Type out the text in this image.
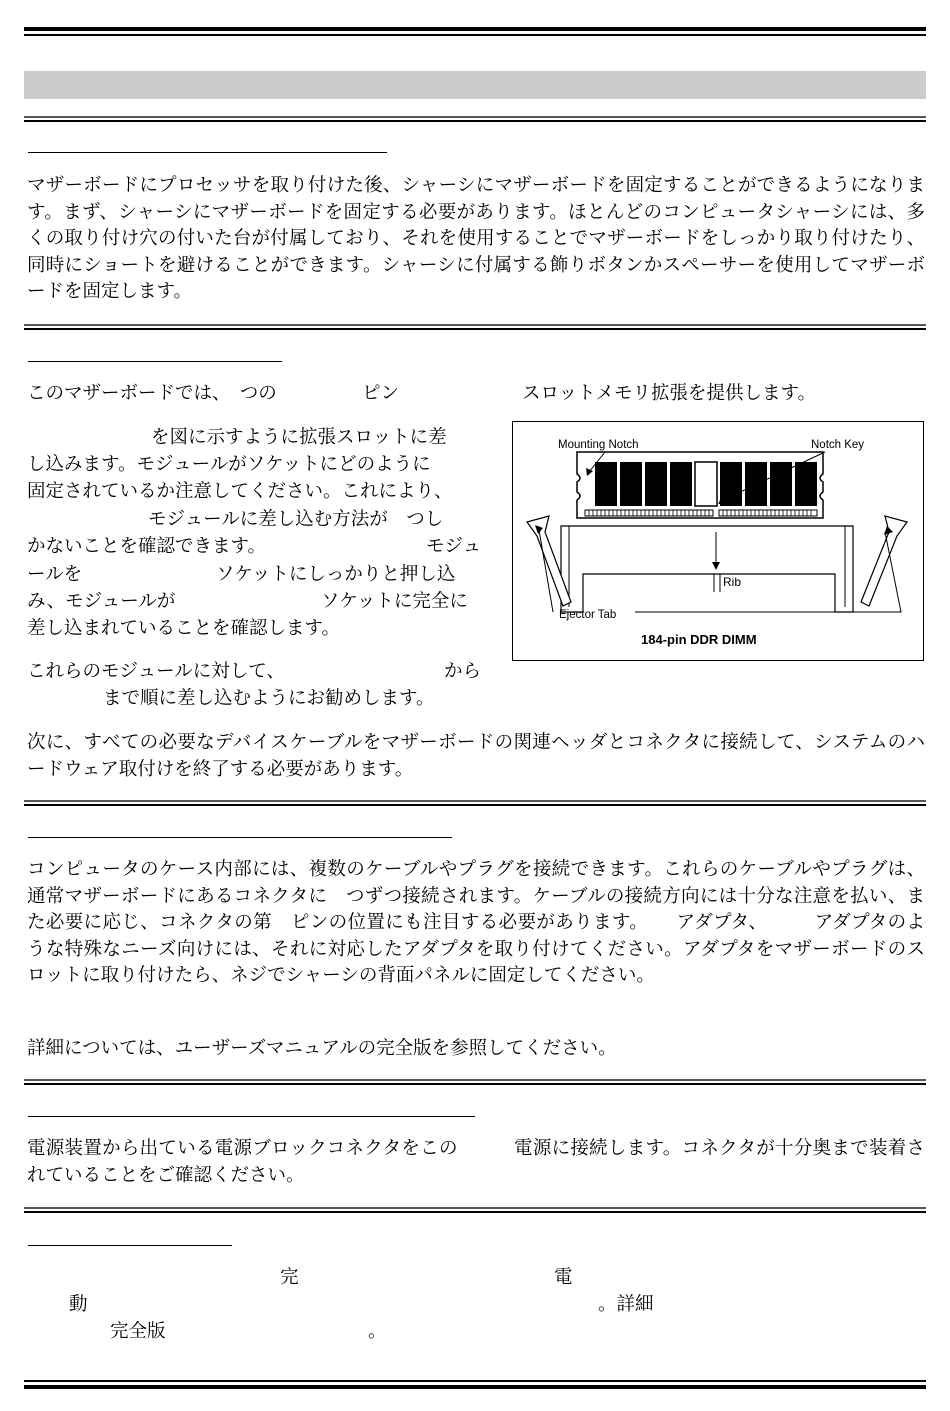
マザーボードにプロセッサを取り付けた後、シャーシにマザーボードを固定することができるようになります。まず、シャーシにマザーボードを固定する必要があります。ほとんどのコンピュータシャーシには、多くの取り付け穴の付いた台が付属しており、それを使用することでマザーボードをしっかり取り付けたり、同時にショートを避けることができます。シャーシに付属する飾りボタンかスペーサーを使用してマザーボードを固定します。
このマザーボードでは、　つの	ピン	スロットメモリ拡張を提供します。
を図に示すように拡張スロットに差
し込みます。モジュールがソケットにどのように
固定されているか注意してください。これにより、
モジュールに差し込む方法が　つし
かないことを確認できます。	モジュ
ールを	ソケットにしっかりと押し込
み、モジュールが	ソケットに完全に
差し込まれていることを確認します。
これらのモジュールに対して、	から
まで順に差し込むようにお勧めします。
Mounting Notch	Notch Key
Rib
Ejector Tab
184-pin DDR DIMM
次に、すべての必要なデバイスケーブルをマザーボードの関連ヘッダとコネクタに接続して、システムのハードウェア取付けを終了する必要があります。
コンピュータのケース内部には、複数のケーブルやプラグを接続できます。これらのケーブルやプラグは、通常マザーボードにあるコネクタに　つずつ接続されます。ケーブルの接続方向には十分な注意を払い、また必要に応じ、コネクタの第　ピンの位置にも注目する必要があります。　　アダプタ、　　　アダプタのような特殊なニーズ向けには、それに対応したアダプタを取り付けてください。アダプタをマザーボードのスロットに取り付けたら、ネジでシャーシの背面パネルに固定してください。
詳細については、ユーザーズマニュアルの完全版を参照してください。
電源装置から出ている電源ブロックコネクタをこの　　　電源に接続します。コネクタが十分奥まで装着されていることをご確認ください。
完	電
動	。詳細
完全版	。
